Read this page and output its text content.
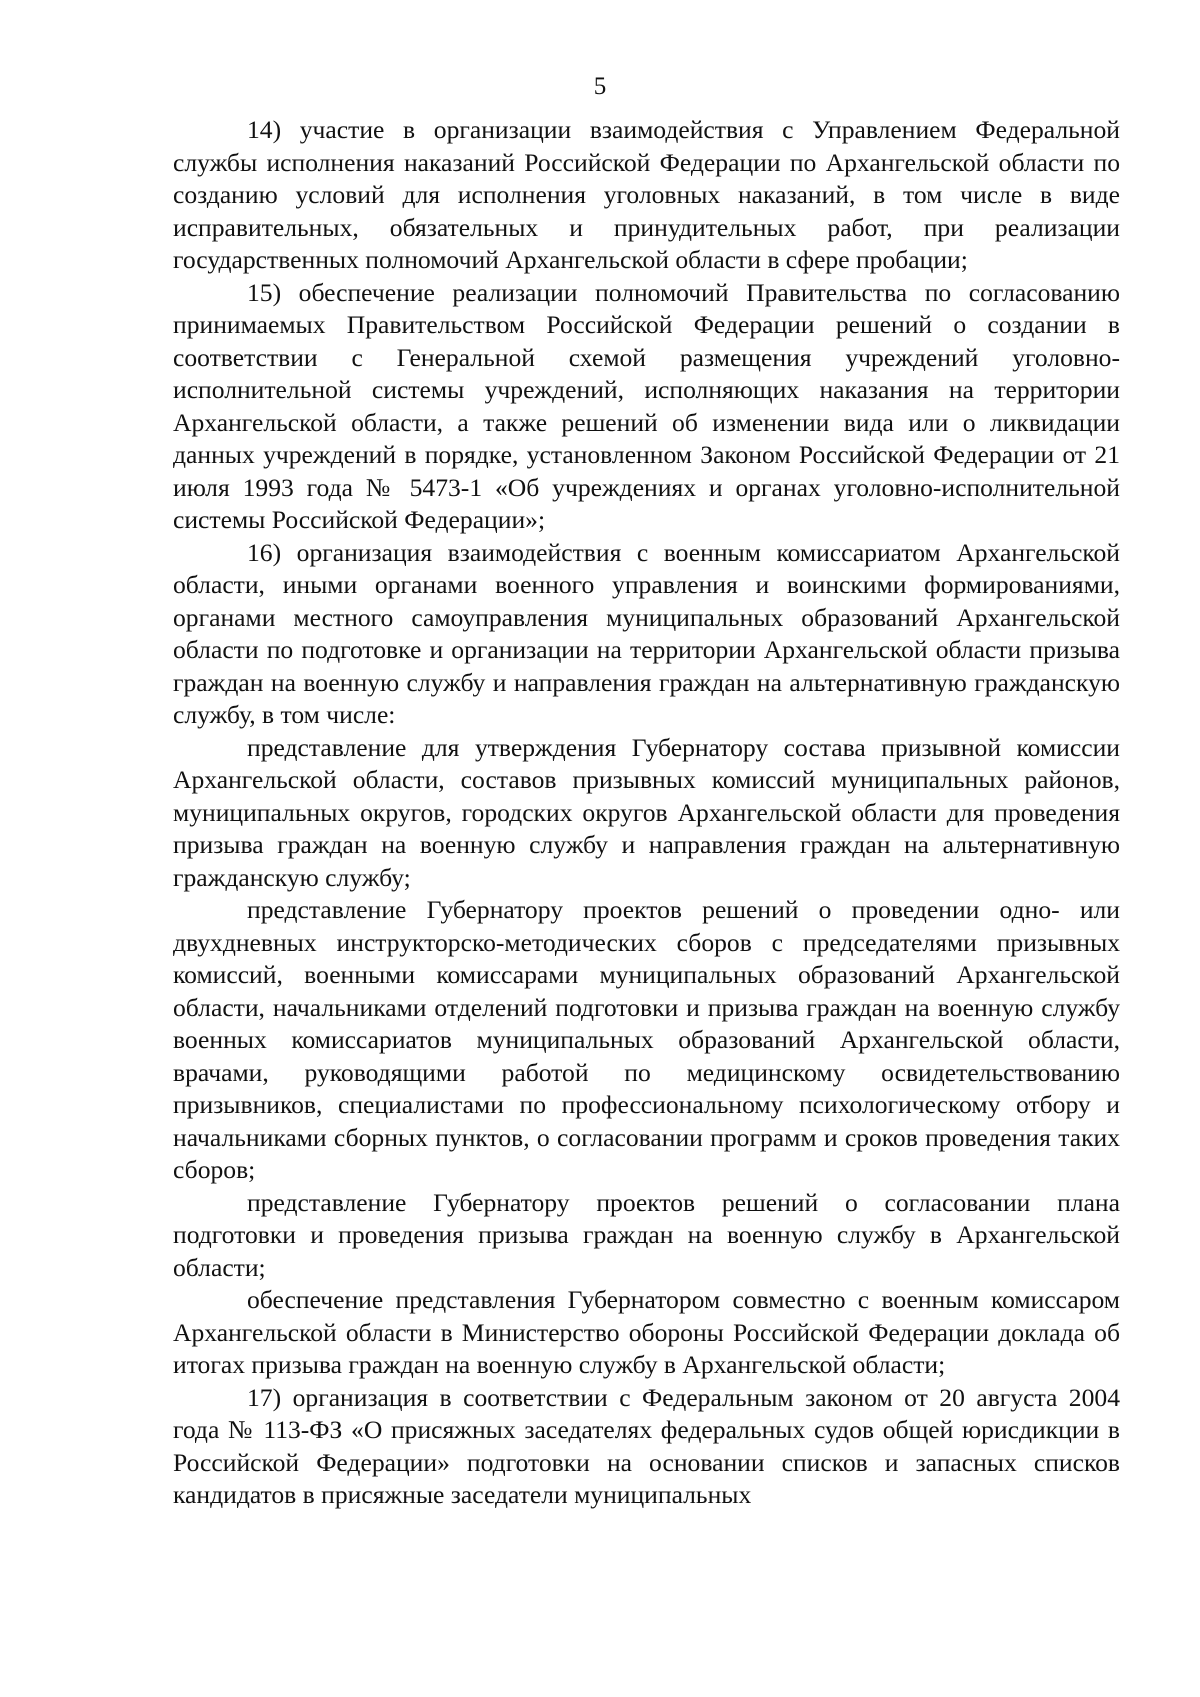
5

14) участие в организации взаимодействия с Управлением Федеральной службы исполнения наказаний Российской Федерации по Архангельской области по созданию условий для исполнения уголовных наказаний, в том числе в виде исправительных, обязательных и принудительных работ, при реализации государственных полномочий Архангельской области в сфере пробации;

15) обеспечение реализации полномочий Правительства по согласованию принимаемых Правительством Российской Федерации решений о создании в соответствии с Генеральной схемой размещения учреждений уголовно-исполнительной системы учреждений, исполняющих наказания на территории Архангельской области, а также решений об изменении вида или о ликвидации данных учреждений в порядке, установленном Законом Российской Федерации от 21 июля 1993 года № 5473-1 «Об учреждениях и органах уголовно-исполнительной системы Российской Федерации»;

16) организация взаимодействия с военным комиссариатом Архангельской области, иными органами военного управления и воинскими формированиями, органами местного самоуправления муниципальных образований Архангельской области по подготовке и организации на территории Архангельской области призыва граждан на военную службу и направления граждан на альтернативную гражданскую службу, в том числе:

представление для утверждения Губернатору состава призывной комиссии Архангельской области, составов призывных комиссий муниципальных районов, муниципальных округов, городских округов Архангельской области для проведения призыва граждан на военную службу и направления граждан на альтернативную гражданскую службу;

представление Губернатору проектов решений о проведении одно- или двухдневных инструкторско-методических сборов с председателями призывных комиссий, военными комиссарами муниципальных образований Архангельской области, начальниками отделений подготовки и призыва граждан на военную службу военных комиссариатов муниципальных образований Архангельской области, врачами, руководящими работой по медицинскому освидетельствованию призывников, специалистами по профессиональному психологическому отбору и начальниками сборных пунктов, о согласовании программ и сроков проведения таких сборов;

представление Губернатору проектов решений о согласовании плана подготовки и проведения призыва граждан на военную службу в Архангельской области;

обеспечение представления Губернатором совместно с военным комиссаром Архангельской области в Министерство обороны Российской Федерации доклада об итогах призыва граждан на военную службу в Архангельской области;

17) организация в соответствии с Федеральным законом от 20 августа 2004 года № 113-ФЗ «О присяжных заседателях федеральных судов общей юрисдикции в Российской Федерации» подготовки на основании списков и запасных списков кандидатов в присяжные заседатели муниципальных
